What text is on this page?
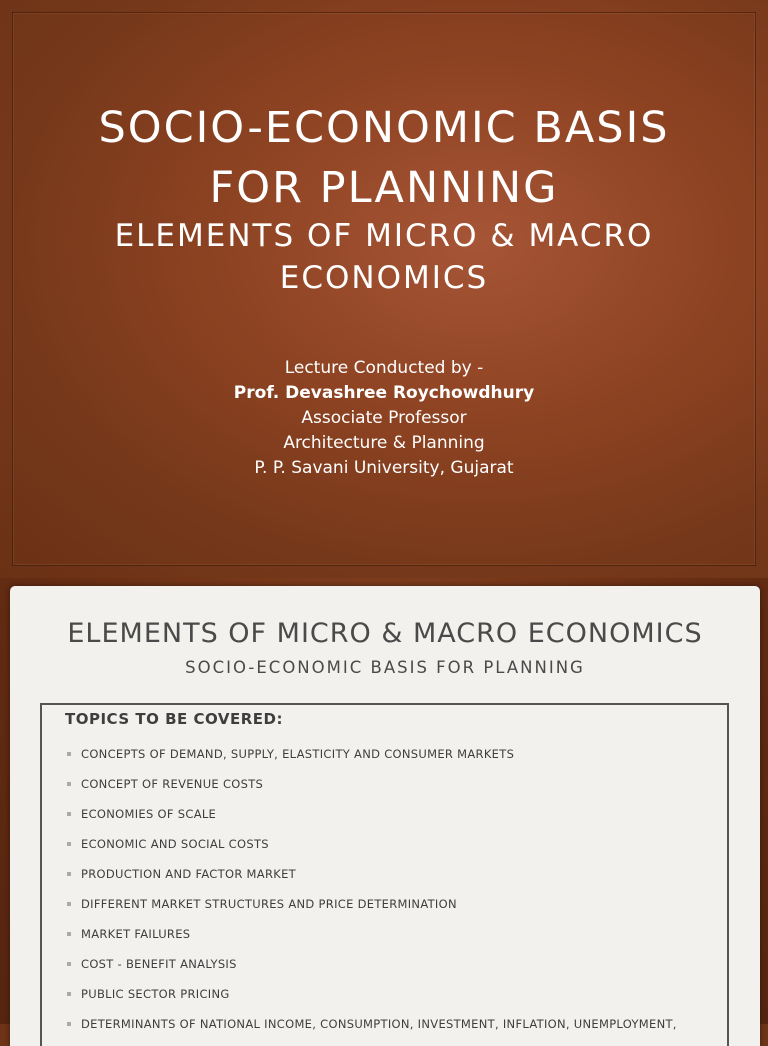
SOCIO-ECONOMIC BASIS
FOR PLANNING
ELEMENTS OF MICRO & MACRO
ECONOMICS
Lecture Conducted by -
Prof. Devashree Roychowdhury
Associate Professor
Architecture & Planning
P. P. Savani University, Gujarat
ELEMENTS OF MICRO & MACRO ECONOMICS
SOCIO-ECONOMIC BASIS FOR PLANNING
TOPICS TO BE COVERED:
CONCEPTS OF DEMAND, SUPPLY, ELASTICITY AND CONSUMER MARKETS
CONCEPT OF REVENUE COSTS
ECONOMIES OF SCALE
ECONOMIC AND SOCIAL COSTS
PRODUCTION AND FACTOR MARKET
DIFFERENT MARKET STRUCTURES AND PRICE DETERMINATION
MARKET FAILURES
COST - BENEFIT ANALYSIS
PUBLIC SECTOR PRICING
DETERMINANTS OF NATIONAL INCOME, CONSUMPTION, INVESTMENT, INFLATION, UNEMPLOYMENT,
